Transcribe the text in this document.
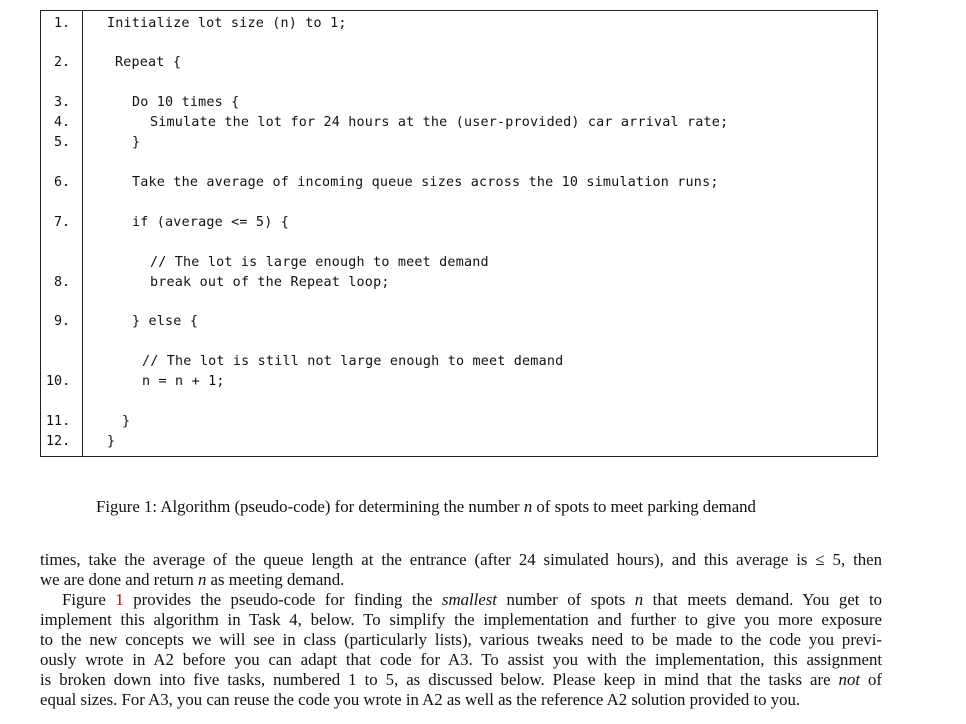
1.
2.
3.
4.
5.
6.
7.
8.
9.
10.
11.
12.
Initialize lot size (n) to 1;
Repeat {
Do 10 times {
Simulate the lot for 24 hours at the (user-provided) car arrival rate;
}
Take the average of incoming queue sizes across the 10 simulation runs;
if (average <= 5) {
// The lot is large enough to meet demand
break out of the Repeat loop;
} else {
// The lot is still not large enough to meet demand
n = n + 1;
}
}
Figure 1: Algorithm (pseudo-code) for determining the number n of spots to meet parking demand
times, take the average of the queue length at the entrance (after 24 simulated hours), and this average is ≤ 5, then
we are done and return n as meeting demand.
Figure 1 provides the pseudo-code for finding the smallest number of spots n that meets demand. You get to
implement this algorithm in Task 4, below. To simplify the implementation and further to give you more exposure
to the new concepts we will see in class (particularly lists), various tweaks need to be made to the code you previ-
ously wrote in A2 before you can adapt that code for A3. To assist you with the implementation, this assignment
is broken down into five tasks, numbered 1 to 5, as discussed below. Please keep in mind that the tasks are not of
equal sizes. For A3, you can reuse the code you wrote in A2 as well as the reference A2 solution provided to you.
